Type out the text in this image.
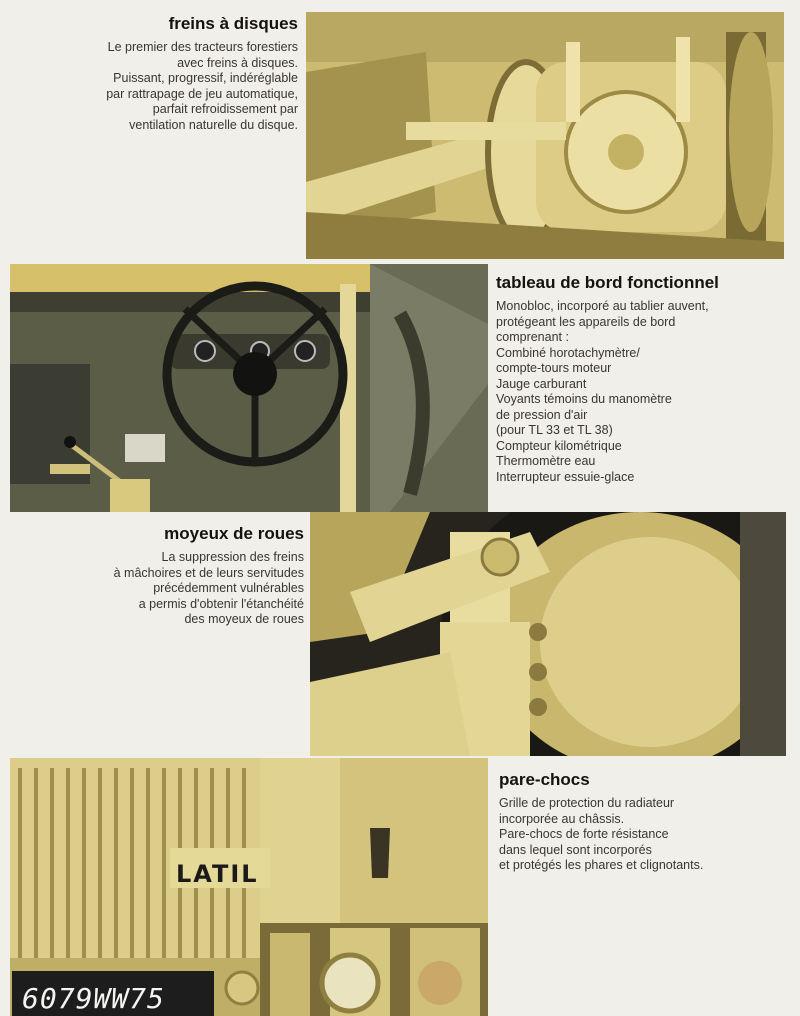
freins à disques
Le premier des tracteurs forestiers
avec freins à disques.
Puissant, progressif, indéréglable
par rattrapage de jeu automatique,
parfait refroidissement par
ventilation naturelle du disque.
tableau de bord fonctionnel
Monobloc, incorporé au tablier auvent,
protégeant les appareils de bord
comprenant :
Combiné horotachymètre/
compte-tours moteur
Jauge carburant
Voyants témoins du manomètre
de pression d'air
(pour TL 33 et TL 38)
Compteur kilométrique
Thermomètre eau
Interrupteur essuie-glace
moyeux de roues
La suppression des freins
à mâchoires et de leurs servitudes
précédemment vulnérables
a permis d'obtenir l'étanchéité
des moyeux de roues
LATIL
6079WW75
pare-chocs
Grille de protection du radiateur
incorporée au châssis.
Pare-chocs de forte résistance
dans lequel sont incorporés
et protégés les phares et clignotants.
